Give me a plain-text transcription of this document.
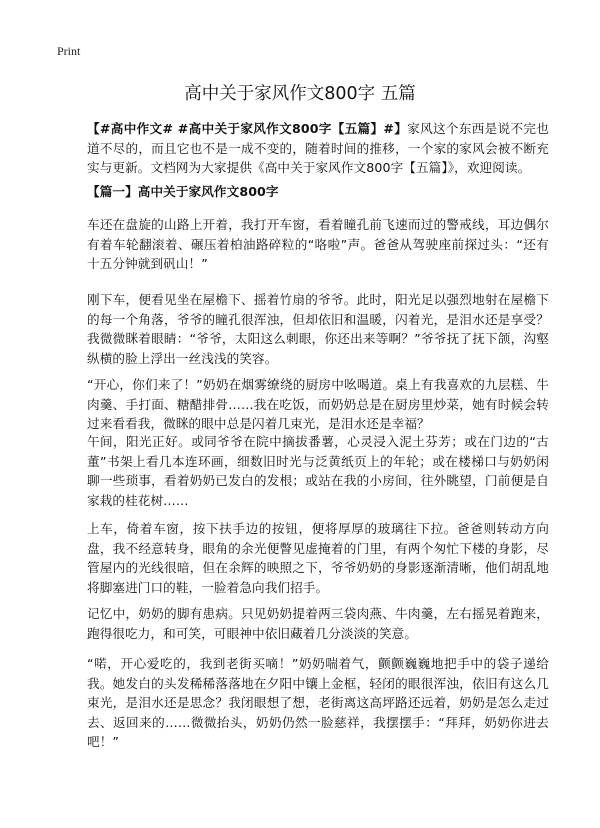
Print
高中关于家风作文800字 五篇
【#高中作文# #高中关于家风作文800字【五篇】#】家风这个东西是说不完也道不尽的，而且它也不是一成不变的，随着时间的推移，一个家的家风会被不断充实与更新。文档网为大家提供《高中关于家风作文800字【五篇】》，欢迎阅读。
【篇一】高中关于家风作文800字

车还在盘旋的山路上开着，我打开车窗，看着瞳孔前飞速而过的警戒线，耳边偶尔有着车轮翻滚着、碾压着柏油路碎粒的“咯啦”声。爸爸从驾驶座前探过头：“还有十五分钟就到矾山！”

刚下车，便看见坐在屋檐下、摇着竹扇的爷爷。此时，阳光足以强烈地射在屋檐下的每一个角落，爷爷的瞳孔很浑浊，但却依旧和温暖，闪着光，是泪水还是享受？我微微眯着眼睛：“爷爷，太阳这么刺眼，你还出来等啊？”爷爷抚了抚下颌，沟壑纵横的脸上浮出一丝浅浅的笑容。

“开心，你们来了！”奶奶在烟雾缭绕的厨房中吆喝道。桌上有我喜欢的九层糕、牛肉羹、手打面、糖醋排骨……我在吃饭，而奶奶总是在厨房里炒菜，她有时候会转过来看看我，微眯的眼中总是闪着几束光，是泪水还是幸福？

午间，阳光正好。或同爷爷在院中摘拔番薯，心灵浸入泥土芬芳；或在门边的“古董”书架上看几本连环画，细数旧时光与泛黄纸页上的年轮；或在楼梯口与奶奶闲聊一些琐事，看着奶奶已发白的发根；或站在我的小房间，往外眺望，门前便是自家栽的桂花树……

上车，倚着车窗，按下扶手边的按钮，便将厚厚的玻璃往下拉。爸爸则转动方向盘，我不经意转身，眼角的余光便瞥见虚掩着的门里，有两个匆忙下楼的身影，尽管屋内的光线很暗，但在余辉的映照之下，爷爷奶奶的身影逐渐清晰，他们胡乱地将脚塞进门口的鞋，一脸着急向我们招手。

记忆中，奶奶的脚有患病。只见奶奶提着两三袋肉燕、牛肉羹，左右摇晃着跑来，跑得很吃力，和可笑，可眼神中依旧藏着几分淡淡的笑意。

“喏，开心爱吃的，我到老街买嘀！”奶奶喘着气，颤颤巍巍地把手中的袋子递给我。她发白的头发稀稀落落地在夕阳中镶上金框，轻闭的眼很浑浊，依旧有这么几束光，是泪水还是思念？我闭眼想了想，老街离这高坪路还远着，奶奶是怎么走过去、返回来的……微微抬头，奶奶仍然一脸慈祥，我摆摆手：“拜拜，奶奶你进去吧！”
